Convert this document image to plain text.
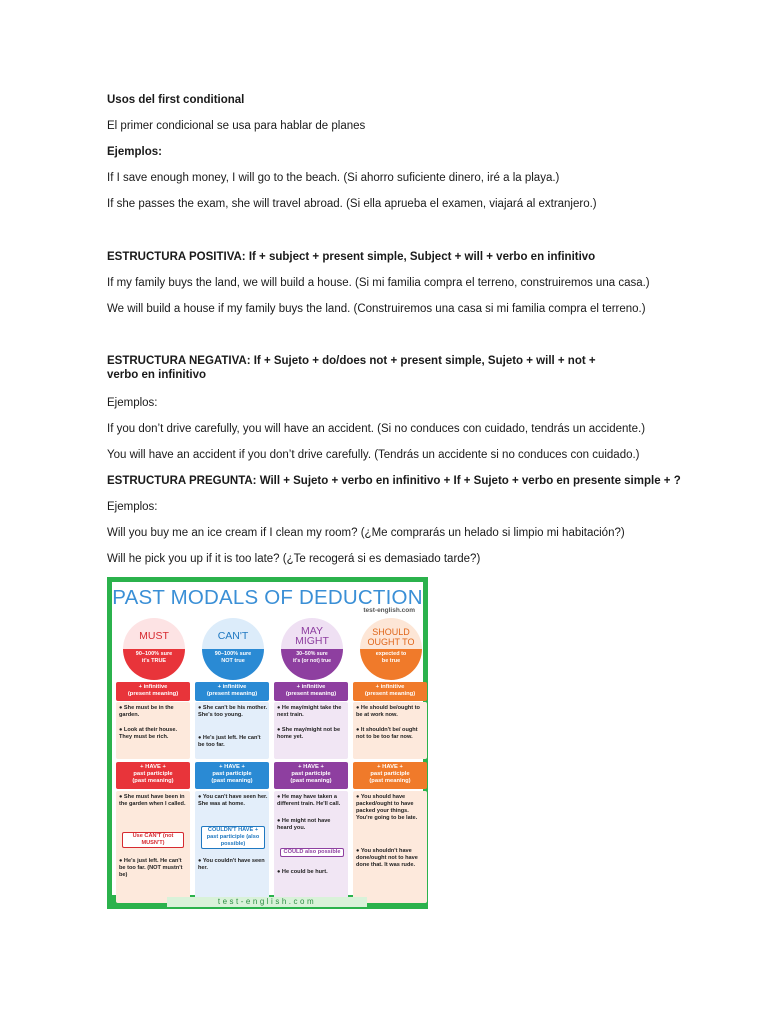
Usos del first conditional
El primer condicional se usa para hablar de planes
Ejemplos:
If I save enough money, I will go to the beach. (Si ahorro suficiente dinero, iré a la playa.)
If she passes the exam, she will travel abroad. (Si ella aprueba el examen, viajará al extranjero.)
ESTRUCTURA POSITIVA: If + subject + present simple, Subject + will + verbo en infinitivo
If my family buys the land, we will build a house. (Si mi familia compra el terreno, construiremos una casa.)
We will build a house if my family buys the land. (Construiremos una casa si mi familia compra el terreno.)
ESTRUCTURA NEGATIVA: If + Sujeto + do/does not + present simple, Sujeto + will + not + verbo en infinitivo
Ejemplos:
If you don’t drive carefully, you will have an accident. (Si no conduces con cuidado, tendrás un accidente.)
You will have an accident if you don’t drive carefully. (Tendrás un accidente si no conduces con cuidado.)
ESTRUCTURA PREGUNTA: Will + Sujeto + verbo en infinitivo + If + Sujeto + verbo en presente simple + ?
Ejemplos:
Will you buy me an ice cream if I clean my room? (¿Me comprarás un helado si limpio mi habitación?)
Will he pick you up if it is too late? (¿Te recogerá si es demasiado tarde?)
PAST MODALS OF DEDUCTION
test-english.com
MUST
90–100% sure
it's TRUE
CAN'T
90–100% sure
NOT true
MAY
MIGHT
30–50% sure
it's (or not) true
SHOULD
OUGHT TO
expected to
be true
+ infinitive
(present meaning)
● She must be in the garden.
● Look at their house. They must be rich.
+ HAVE +
past participle
(past meaning)
● She must have been in the garden when I called.
Use CAN'T (not MUSN'T)
● He's just left. He can't be too far. (NOT mustn't be)
+ infinitive
(present meaning)
● She can't be his mother. She's too young.
● He's just left. He can't be too far.
+ HAVE +
past participle
(past meaning)
● You can't have seen her. She was at home.
COULDN'T HAVE + past participle (also possible)
● You couldn't have seen her.
+ infinitive
(present meaning)
● He may/might take the next train.
● She may/might not be home yet.
+ HAVE +
past participle
(past meaning)
● He may have taken a different train. He'll call.
● He might not have heard you.
COULD also possible
● He could be hurt.
+ infinitive
(present meaning)
● He should be/ought to be at work now.
● It shouldn't be/ ought not to be too far now.
+ HAVE +
past participle
(past meaning)
● You should have packed/ought to have packed your things. You're going to be late.
● You shouldn't have done/ought not to have done that. It was rude.
test-english.com
